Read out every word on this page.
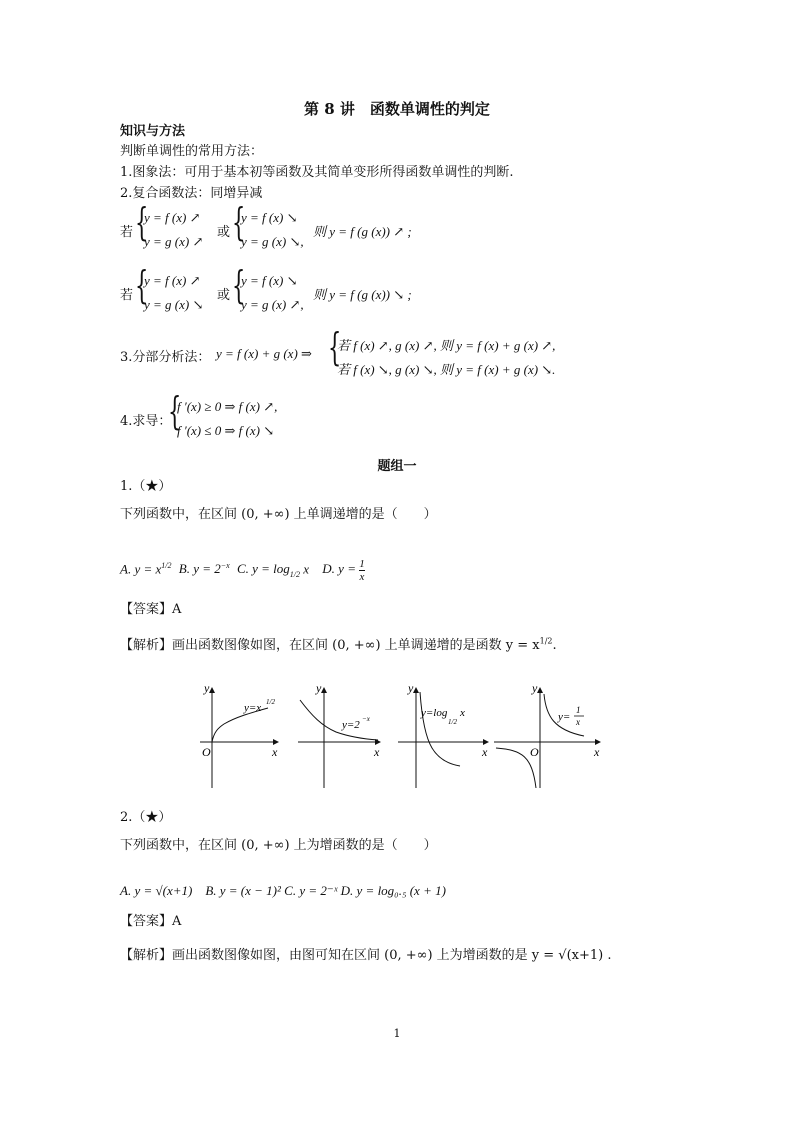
第 8 讲　函数单调性的判定
知识与方法
判断单调性的常用方法：
1.图象法：可用于基本初等函数及其简单变形所得函数单调性的判断.
2.复合函数法：同增异减
若 {
y = f (x) ↗
y = g (x) ↗
或 {
y = f (x) ↘
y = g (x) ↘,
则 y = f (g (x)) ↗ ;
若 {
y = f (x) ↗
y = g (x) ↘
或 {
y = f (x) ↘
y = g (x) ↗,
则 y = f (g (x)) ↘ ;
3.分部分析法： y = f (x) + g (x) ⇒ {
若 f (x) ↗, g (x) ↗, 则 y = f (x) + g (x) ↗,
若 f (x) ↘, g (x) ↘, 则 y = f (x) + g (x) ↘.
4.求导：
{
f ′(x) ≥ 0 ⇒ f (x) ↗,
f ′(x) ≤ 0 ⇒ f (x) ↘
题组一
1.（★）
下列函数中，在区间 (0, +∞) 上单调递增的是（　　）
A. $y = x^{1/2}$ B. $y = 2^{-x}$ C. $y = \log_{1/2} x$ D. $y = \frac{1}{x}$
【答案】A
【解析】画出函数图像如图，在区间 (0, +∞) 上单调递增的是函数 $y = x^{1/2}$.
y
x
O
y=x 1/2
y
x
y=2 −x
y
x
y=log
1/2
x
y
x
O
y=
1
x
2.（★）
下列函数中，在区间 (0, +∞) 上为增函数的是（　　）
A. y = √(x+1)　B. y = (x − 1)² C. y = 2⁻ˣ D. y = log₀.₅ (x + 1)
【答案】A
【解析】画出函数图像如图，由图可知在区间 (0, +∞) 上为增函数的是 y = √(x+1) .
1
